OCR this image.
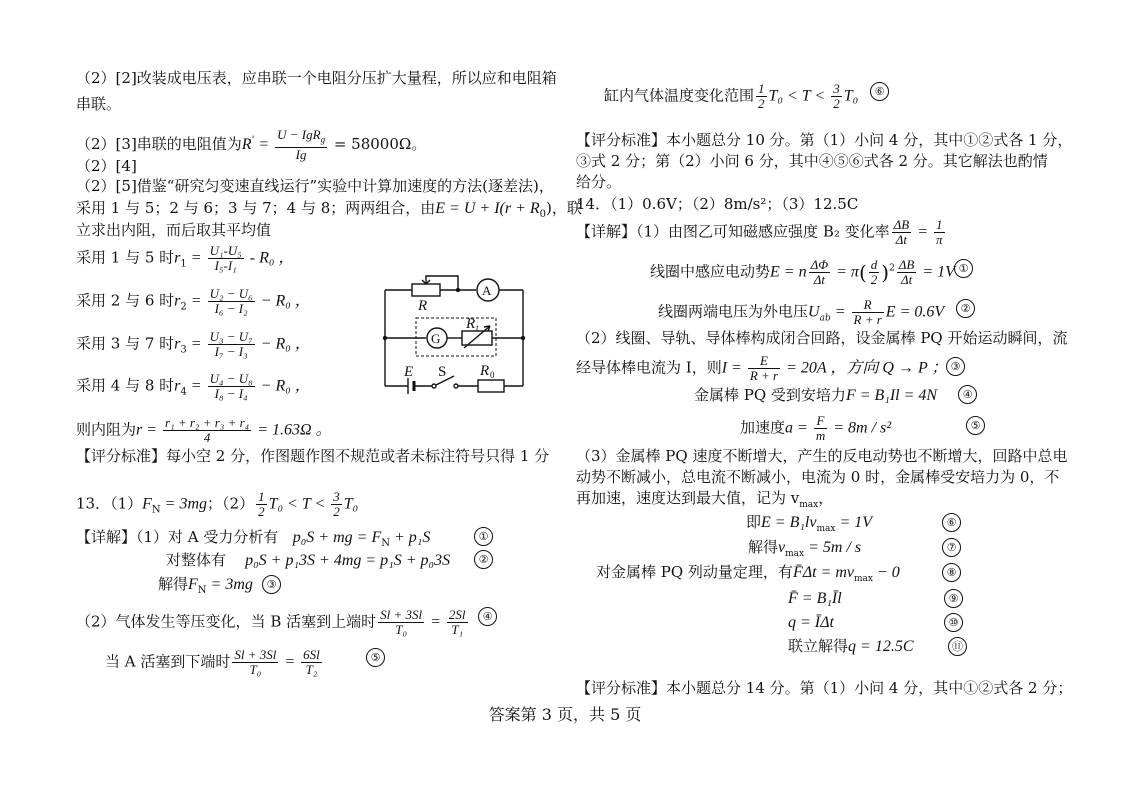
（2）[2]改装成电压表，应串联一个电阻分压扩大量程，所以应和电阻箱
串联。
（2）[3]串联的电阻值为$R' = \frac{U - IgR_g}{Ig} = 58000\Omega$。
（2）[4]
（2）[5]借鉴“研究匀变速直线运行”实验中计算加速度的方法(逐差法)，
采用 1 与 5；2 与 6；3 与 7；4 与 8；两两组合，由$E = U + I(r + R_0)$，联
立求出内阻，而后取其平均值
采用 1 与 5 时$r_1 = \frac{\text{U₁-U₅}}{\text{I₅-I₁}} - R_0$ ，
采用 2 与 6 时$r_2 = \frac{\text{U₂ − U₆}}{\text{I₆ − I₂}} - R_0$ ，
采用 3 与 7 时$r_3 = \frac{\text{U₃ − U₇}}{\text{I₇ − I₃}} - R_0$ ，
采用 4 与 8 时$r_4 = \frac{\text{U₄ − U₈}}{\text{I₈ − I₄}} - R_0$ ，
则内阻为$r = \frac{\text{r₁ + r₂ + r₃ + r₄}}{4} = 1.63\Omega$ 。
【评分标准】每小空 2 分，作图题作图不规范或者未标注符号只得 1 分
13．$(1)F_N = 3mg$；$(2) \frac{1}{2} T_0 < T < \frac{3}{2} T_0$
【详解】（1）对 A 受力分析有 p₀S + mg = $F_N + p_1S$	①
对整体有 p₀S + p₁3S + 4mg = p₁S + p₀3S	②
解得$F_N = 3mg$	③
（2）气体发生等压变化，当 B 活塞到上端时 $\frac{Sl + 3Sl}{\text{T₀}} = \frac{2Sl}{\text{T₁}}$	④
当 A 活塞到下端时 $\frac{Sl + 3Sl}{\text{T₀}} = \frac{6Sl}{\text{T₂}}$	⑤
R
A
G
R t
E S R 0
缸内气体温度变化范围 $\frac{1}{2} T_0 < T < \frac{3}{2} T_0$	⑥
【评分标准】本小题总分 10 分。第（1）小问 4 分，其中①②式各 1 分，
③式 2 分；第（2）小问 6 分，其中④⑤⑥式各 2 分。其它解法也酌情
给分。
14．（1）0.6V；（2）8m/s²；（3）12.5C
【详解】（1）由图乙可知磁感应强度 B₂ 变化率 $\frac{\Delta B}{\Delta t} = \frac{1}{\pi}$
线圈中感应电动势E = n $\frac{\Delta\Phi}{\Delta t} = \pi( \frac{d}{2} )^2 \frac{\Delta B}{\Delta t} = 1V$ ①
线圈两端电压为外电压$U_{ab} = \frac{R}{R + r}$ E = 0.6V	②
（2）线圈、导轨、导体棒构成闭合回路，设金属棒 PQ 开始运动瞬间，流
经导体棒电流为 I，则$I = \frac{E}{R + r} = 20A$ ，方向 Q → P ； ③
金属棒 PQ 受到安培力F = B₁Il = 4N	④
加速度$a = \frac{F}{m} = 8m / s^2$	⑤
（3）金属棒 PQ 速度不断增大，产生的反电动势也不断增大，回路中总电
动势不断减小，总电流不断减小，电流为 0 时，金属棒受安培力为 0，不
再加速，速度达到最大值，记为 $v_{max}$，
即$E = B_1lv_{max} = 1V$	⑥
解得$v_{max} = 5m / s$	⑦
对金属棒 PQ 列动量定理，有F̄Δt = $mv_{max} - 0$	⑧
F̄ = B₁Īl	⑨
q = ĪΔt	⑩
联立解得q = 12.5C	⑪
【评分标准】本小题总分 14 分。第（1）小问 4 分，其中①②式各 2 分；
答案第 3 页，共 5 页
